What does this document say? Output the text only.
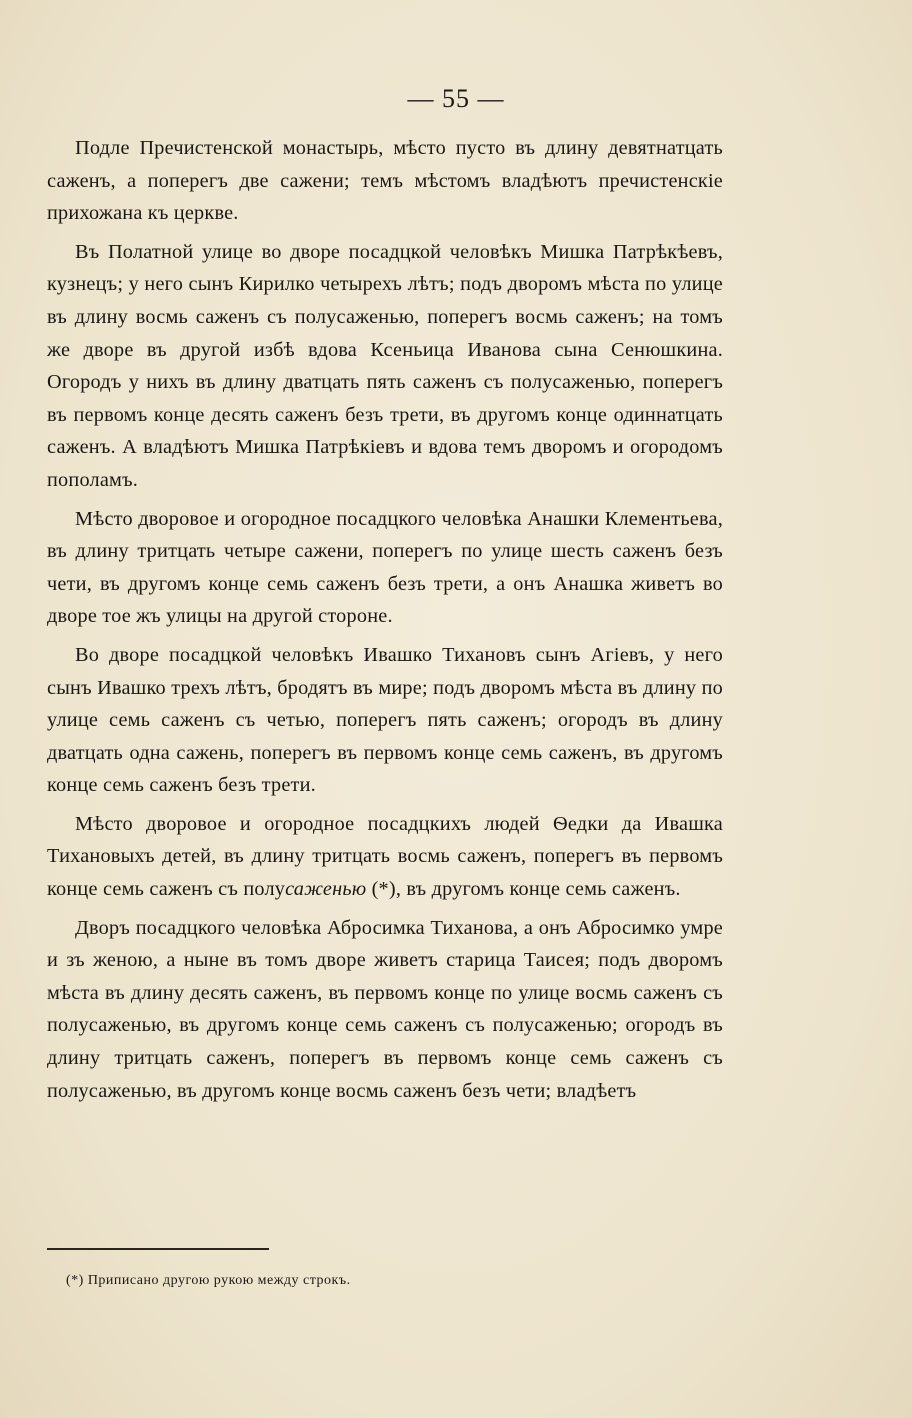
— 55 —

Подле Пречистенской монастырь, мѣсто пусто въ длину девятнатцать саженъ, а поперегъ две сажени; темъ мѣстомъ владѣютъ пречистенскіе прихожана къ церкве.

Въ Полатной улице во дворе посадцкой человѣкъ Мишка Патрѣкѣевъ, кузнецъ; у него сынъ Кирилко четырехъ лѣтъ; подъ дворомъ мѣста по улице въ длину восмь саженъ съ полусаженью, поперегъ восмь саженъ; на томъ же дворе въ другой избѣ вдова Ксеньица Иванова сына Сенюшкина. Огородъ у нихъ въ длину дватцать пять саженъ съ полусаженью, поперегъ въ первомъ конце десять саженъ безъ трети, въ другомъ конце одиннатцать саженъ. А владѣютъ Мишка Патрѣкіевъ и вдова темъ дворомъ и огородомъ пополамъ.

Мѣсто дворовое и огородное посадцкого человѣка Анашки Клементьева, въ длину тритцать четыре сажени, поперегъ по улице шесть саженъ безъ чети, въ другомъ конце семь саженъ безъ трети, а онъ Анашка живетъ во дворе тое жъ улицы на другой стороне.

Во дворе посадцкой человѣкъ Ивашко Тихановъ сынъ Агіевъ, у него сынъ Ивашко трехъ лѣтъ, бродятъ въ мире; подъ дворомъ мѣста въ длину по улице семь саженъ съ четью, поперегъ пять саженъ; огородъ въ длину дватцать одна сажень, поперегъ въ первомъ конце семь саженъ, въ другомъ конце семь саженъ безъ трети.

Мѣсто дворовое и огородное посадцкихъ людей Ѳедки да Ивашка Тихановыхъ детей, въ длину тритцать восмь саженъ, поперегъ въ первомъ конце семь саженъ съ полусаженью (*), въ другомъ конце семь саженъ.

Дворъ посадцкого человѣка Абросимка Тиханова, а онъ Абросимко умре и зъ женою, а ныне въ томъ дворе живетъ старица Таисея; подъ дворомъ мѣста въ длину десять саженъ, въ первомъ конце по улице восмь саженъ съ полусаженью, въ другомъ конце семь саженъ съ полусаженью; огородъ въ длину тритцать саженъ, поперегъ въ первомъ конце семь саженъ съ полусаженью, въ другомъ конце восмь саженъ безъ чети; владѣетъ

(*) Приписано другою рукою между строкъ.
